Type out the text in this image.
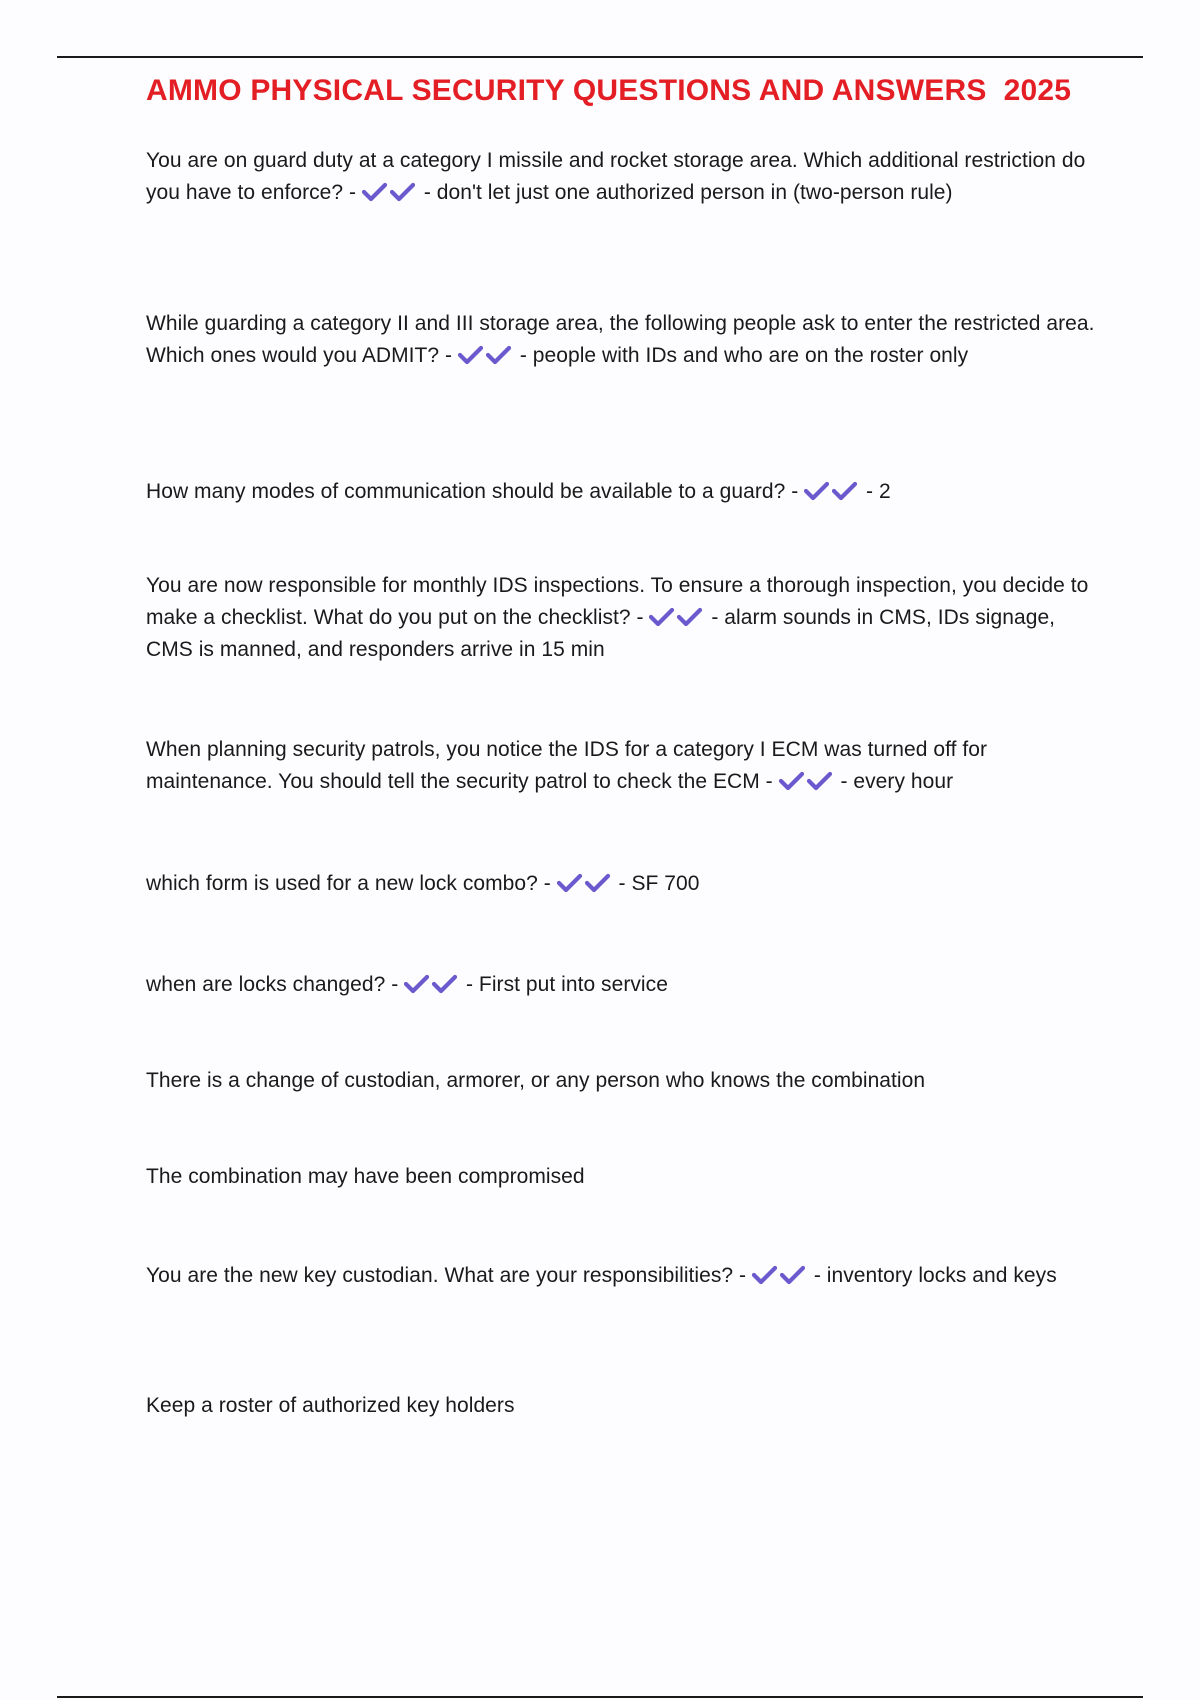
AMMO PHYSICAL SECURITY QUESTIONS AND ANSWERS  2025

You are on guard duty at a category I missile and rocket storage area. Which additional restriction do you have to enforce? -	- don't let just one authorized person in (two-person rule)

While guarding a category II and III storage area, the following people ask to enter the restricted area. Which ones would you ADMIT? -	- people with IDs and who are on the roster only

How many modes of communication should be available to a guard? -	- 2

You are now responsible for monthly IDS inspections. To ensure a thorough inspection, you decide to make a checklist. What do you put on the checklist? -	- alarm sounds in CMS, IDs signage, CMS is manned, and responders arrive in 15 min

When planning security patrols, you notice the IDS for a category I ECM was turned off for maintenance. You should tell the security patrol to check the ECM -	- every hour

which form is used for a new lock combo? -	- SF 700

when are locks changed? -	- First put into service

There is a change of custodian, armorer, or any person who knows the combination

The combination may have been compromised

You are the new key custodian. What are your responsibilities? -	- inventory locks and keys

Keep a roster of authorized key holders
